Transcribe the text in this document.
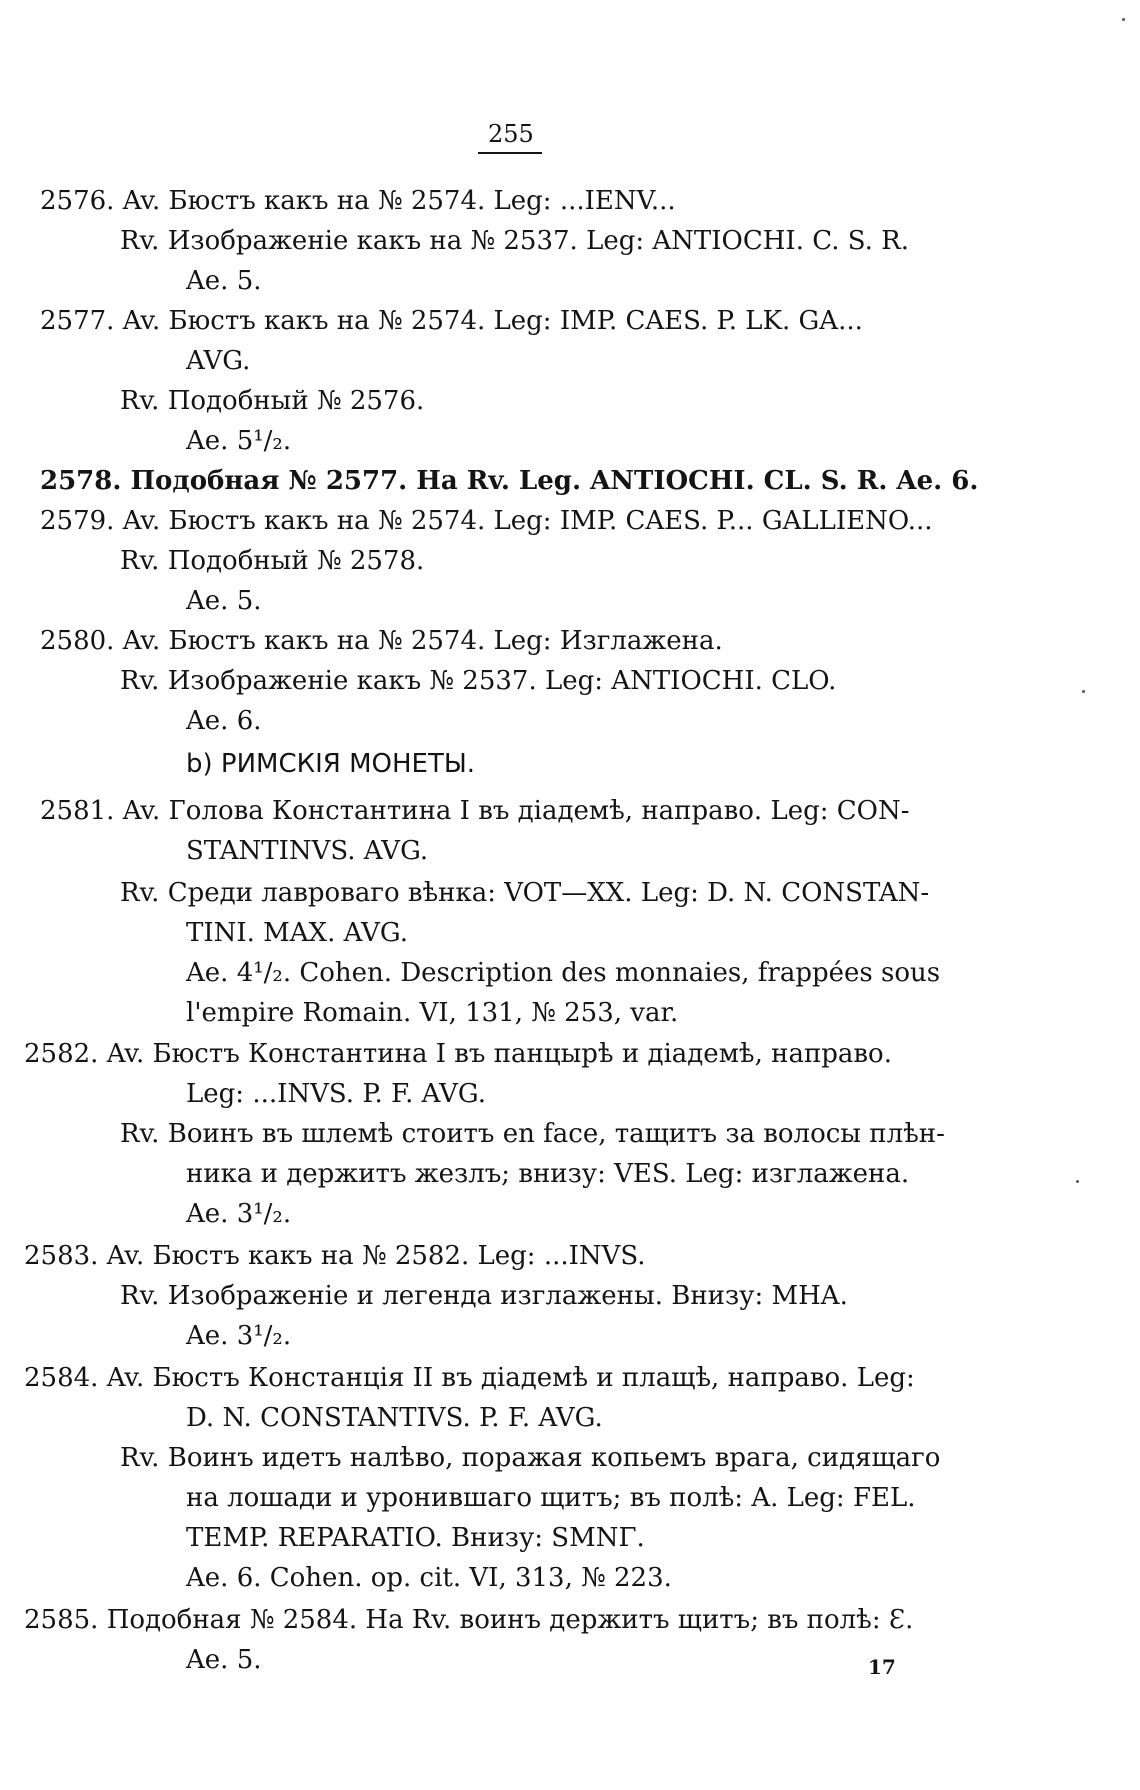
255
2576. Av. Бюстъ какъ на № 2574. Leg: ...IENV...
Rv. Изображеніе какъ на № 2537. Leg: ANTIOCHI. C. S. R.
Ae. 5.
2577. Av. Бюстъ какъ на № 2574. Leg: IMP. CAES. P. LK. GA...
AVG.
Rv. Подобный № 2576.
Ae. 5¹/₂.
2578. Подобная № 2577. На Rv. Leg. ANTIOCHI. CL. S. R. Ae. 6.
2579. Av. Бюстъ какъ на № 2574. Leg: IMP. CAES. P... GALLIENO...
Rv. Подобный № 2578.
Ae. 5.
2580. Av. Бюстъ какъ на № 2574. Leg: Изглажена.
Rv. Изображеніе какъ № 2537. Leg: ANTIOCHI. CLO.
Ae. 6.
b) РИМСКІЯ МОНЕТЫ.
2581. Av. Голова Константина I въ діадемѣ, направо. Leg: CON-
STANTINVS. AVG.
Rv. Среди лавроваго вѣнка: VOT—XX. Leg: D. N. CONSTAN-
TINI. MAX. AVG.
Ae. 4¹/₂. Cohen. Description des monnaies, frappées sous
l'empire Romain. VI, 131, № 253, var.
2582. Av. Бюстъ Константина I въ панцырѣ и діадемѣ, направо.
Leg: ...INVS. P. F. AVG.
Rv. Воинъ въ шлемѣ стоитъ en face, тащитъ за волосы плѣн-
ника и держитъ жезлъ; внизу: VES. Leg: изглажена.
Ae. 3¹/₂.
2583. Av. Бюстъ какъ на № 2582. Leg: ...INVS.
Rv. Изображеніе и легенда изглажены. Внизу: MHA.
Ae. 3¹/₂.
2584. Av. Бюстъ Констанція II въ діадемѣ и плащѣ, направо. Leg:
D. N. CONSTANTIVS. P. F. AVG.
Rv. Воинъ идетъ налѣво, поражая копьемъ врага, сидящаго
на лошади и уронившаго щитъ; въ полѣ: A. Leg: FEL.
TEMP. REPARATIO. Внизу: SMNΓ.
Ae. 6. Cohen. op. cit. VI, 313, № 223.
2585. Подобная № 2584. На Rv. воинъ держитъ щитъ; въ полѣ: Ɛ.
Ae. 5.	17
